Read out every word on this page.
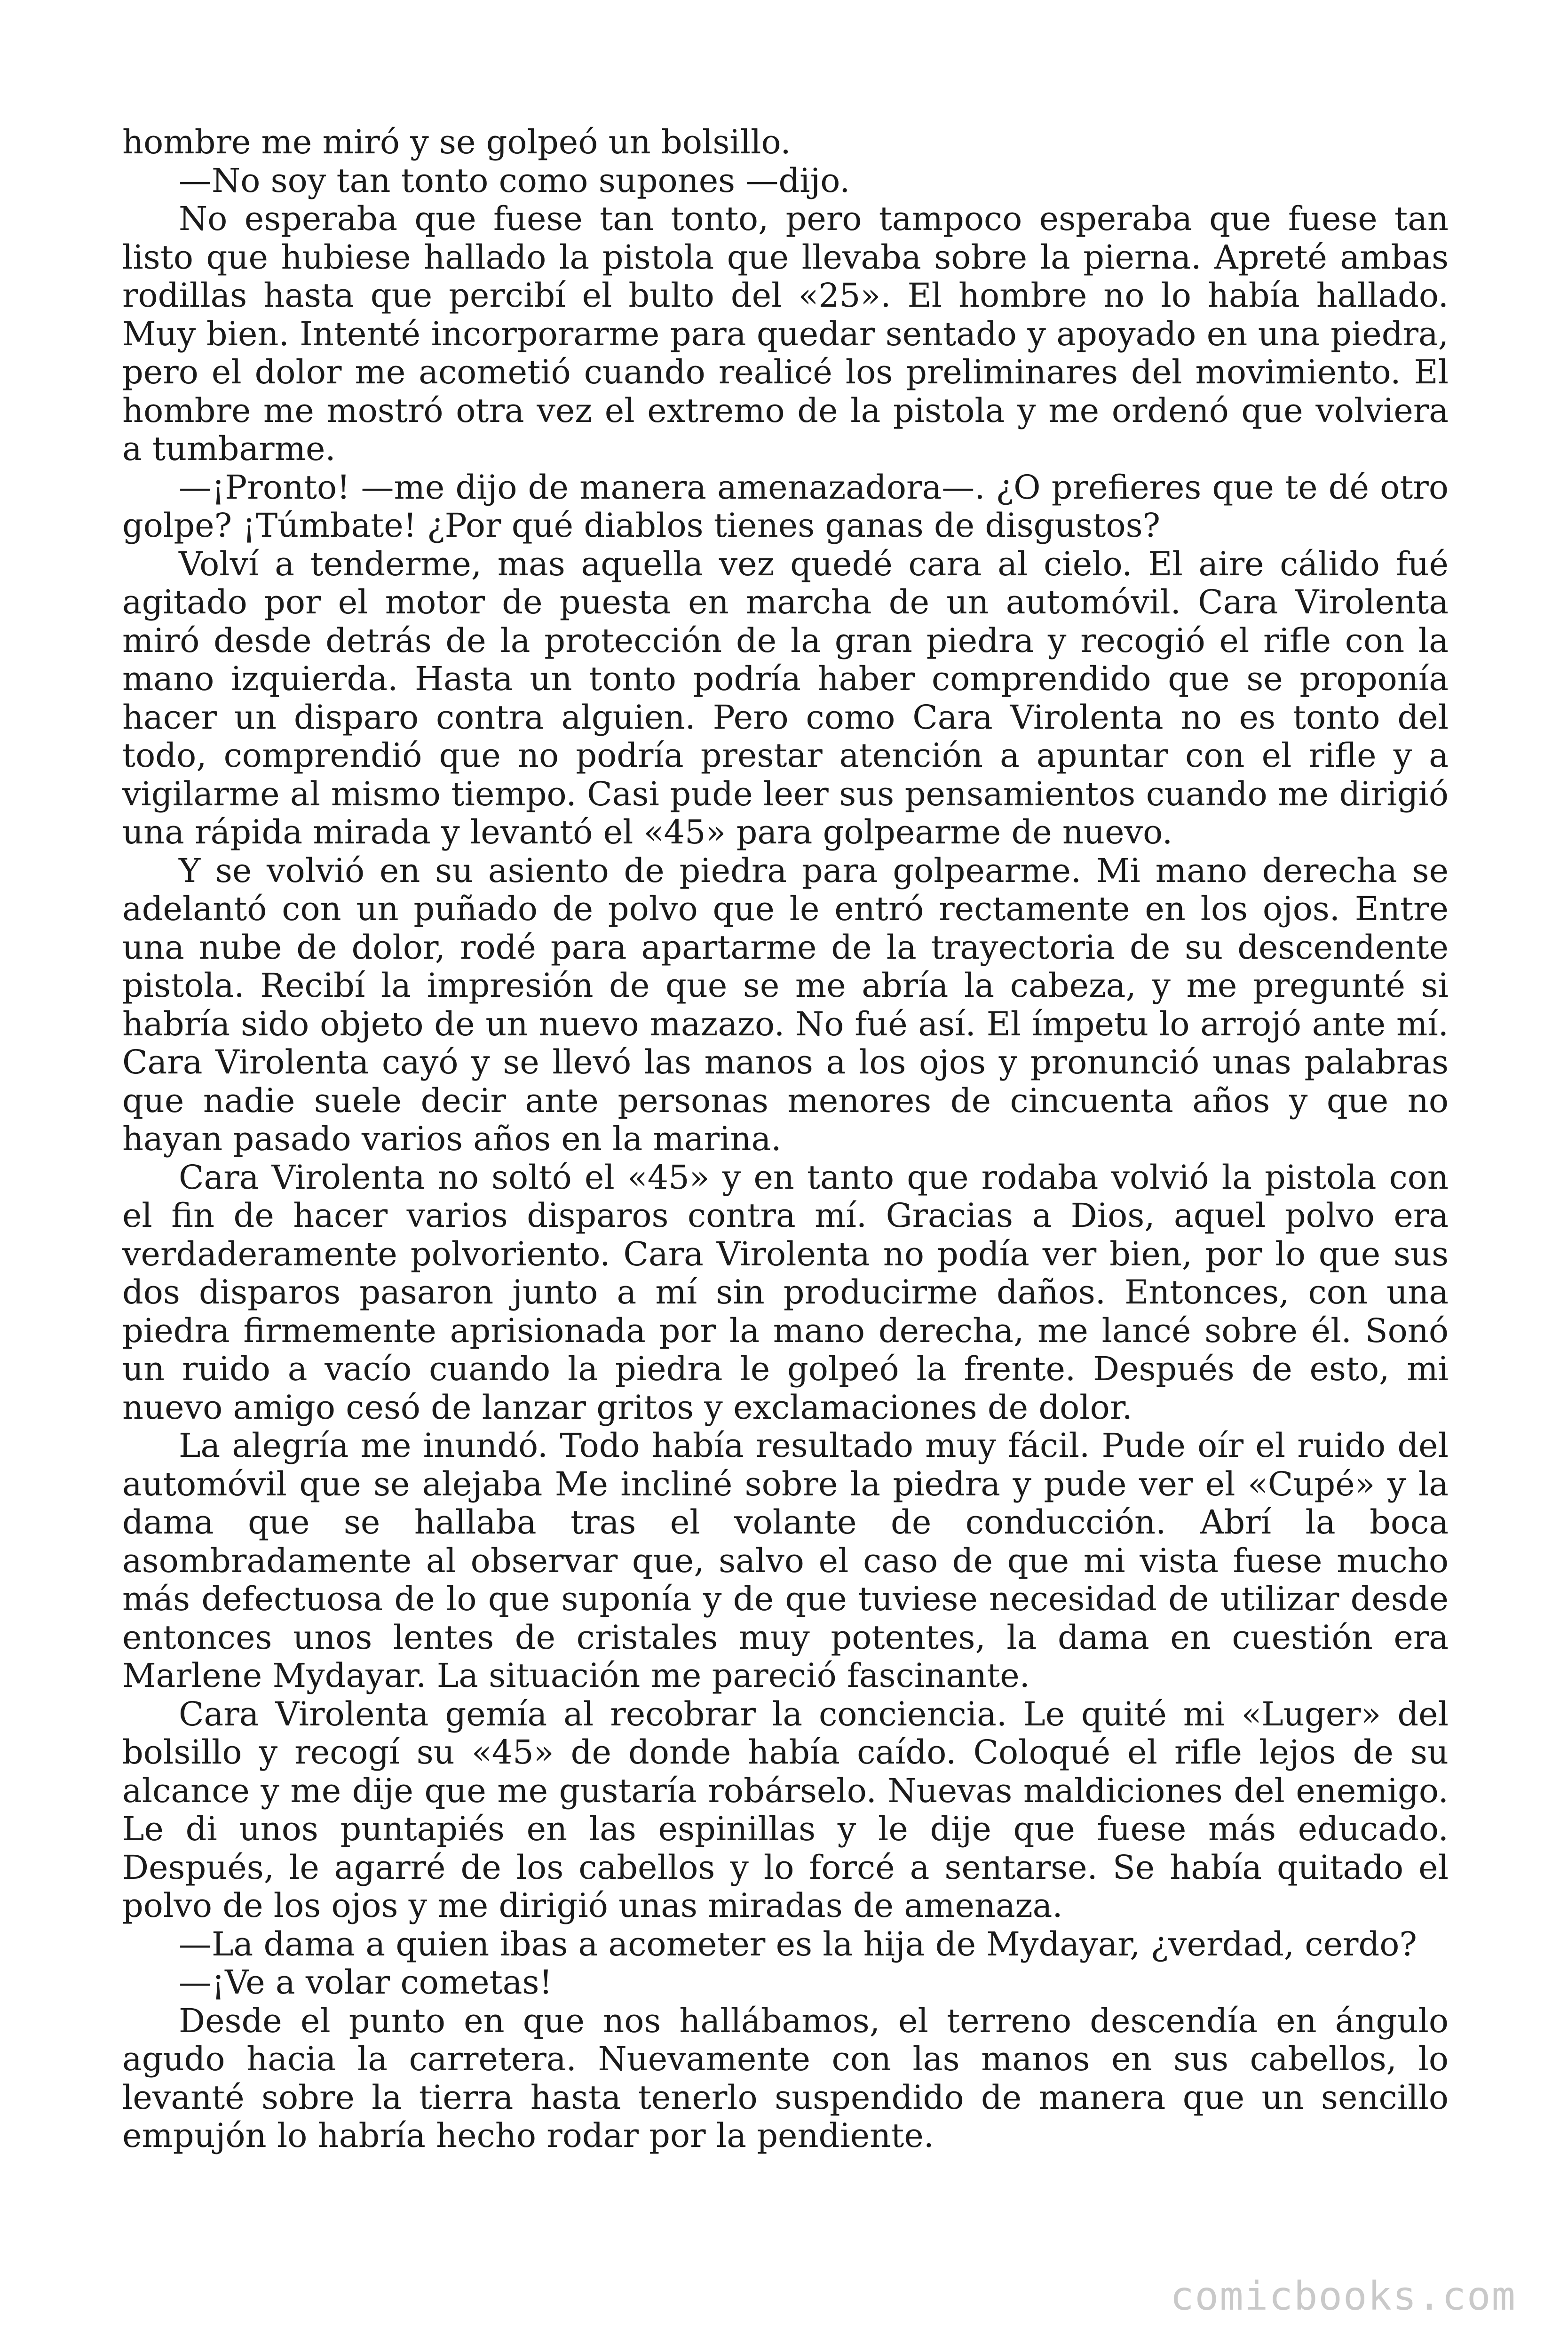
hombre me miró y se golpeó un bolsillo.

—No soy tan tonto como supones —dijo.

No esperaba que fuese tan tonto, pero tampoco esperaba que fuese tan listo que hubiese hallado la pistola que llevaba sobre la pierna. Apreté ambas rodillas hasta que percibí el bulto del «25». El hombre no lo había hallado. Muy bien. Intenté incorporarme para quedar sentado y apoyado en una piedra, pero el dolor me acometió cuando realicé los preliminares del movimiento. El hombre me mostró otra vez el extremo de la pistola y me ordenó que volviera a tumbarme.

—¡Pronto! —me dijo de manera amenazadora—. ¿O prefieres que te dé otro golpe? ¡Túmbate! ¿Por qué diablos tienes ganas de disgustos?

Volví a tenderme, mas aquella vez quedé cara al cielo. El aire cálido fué agitado por el motor de puesta en marcha de un automóvil. Cara Virolenta miró desde detrás de la protección de la gran piedra y recogió el rifle con la mano izquierda. Hasta un tonto podría haber comprendido que se proponía hacer un disparo contra alguien. Pero como Cara Virolenta no es tonto del todo, comprendió que no podría prestar atención a apuntar con el rifle y a vigilarme al mismo tiempo. Casi pude leer sus pensamientos cuando me dirigió una rápida mirada y levantó el «45» para golpearme de nuevo.

Y se volvió en su asiento de piedra para golpearme. Mi mano derecha se adelantó con un puñado de polvo que le entró rectamente en los ojos. Entre una nube de dolor, rodé para apartarme de la trayectoria de su descendente pistola. Recibí la impresión de que se me abría la cabeza, y me pregunté si habría sido objeto de un nuevo mazazo. No fué así. El ímpetu lo arrojó ante mí. Cara Virolenta cayó y se llevó las manos a los ojos y pronunció unas palabras que nadie suele decir ante personas menores de cincuenta años y que no hayan pasado varios años en la marina.

Cara Virolenta no soltó el «45» y en tanto que rodaba volvió la pistola con el fin de hacer varios disparos contra mí. Gracias a Dios, aquel polvo era verdaderamente polvoriento. Cara Virolenta no podía ver bien, por lo que sus dos disparos pasaron junto a mí sin producirme daños. Entonces, con una piedra firmemente aprisionada por la mano derecha, me lancé sobre él. Sonó un ruido a vacío cuando la piedra le golpeó la frente. Después de esto, mi nuevo amigo cesó de lanzar gritos y exclamaciones de dolor.

La alegría me inundó. Todo había resultado muy fácil. Pude oír el ruido del automóvil que se alejaba Me incliné sobre la piedra y pude ver el «Cupé» y la dama que se hallaba tras el volante de conducción. Abrí la boca asombradamente al observar que, salvo el caso de que mi vista fuese mucho más defectuosa de lo que suponía y de que tuviese necesidad de utilizar desde entonces unos lentes de cristales muy potentes, la dama en cuestión era Marlene Mydayar. La situación me pareció fascinante.

Cara Virolenta gemía al recobrar la conciencia. Le quité mi «Luger» del bolsillo y recogí su «45» de donde había caído. Coloqué el rifle lejos de su alcance y me dije que me gustaría robárselo. Nuevas maldiciones del enemigo. Le di unos puntapiés en las espinillas y le dije que fuese más educado. Después, le agarré de los cabellos y lo forcé a sentarse. Se había quitado el polvo de los ojos y me dirigió unas miradas de amenaza.

—La dama a quien ibas a acometer es la hija de Mydayar, ¿verdad, cerdo?

—¡Ve a volar cometas!

Desde el punto en que nos hallábamos, el terreno descendía en ángulo agudo hacia la carretera. Nuevamente con las manos en sus cabellos, lo levanté sobre la tierra hasta tenerlo suspendido de manera que un sencillo empujón lo habría hecho rodar por la pendiente.

comicbooks.com
